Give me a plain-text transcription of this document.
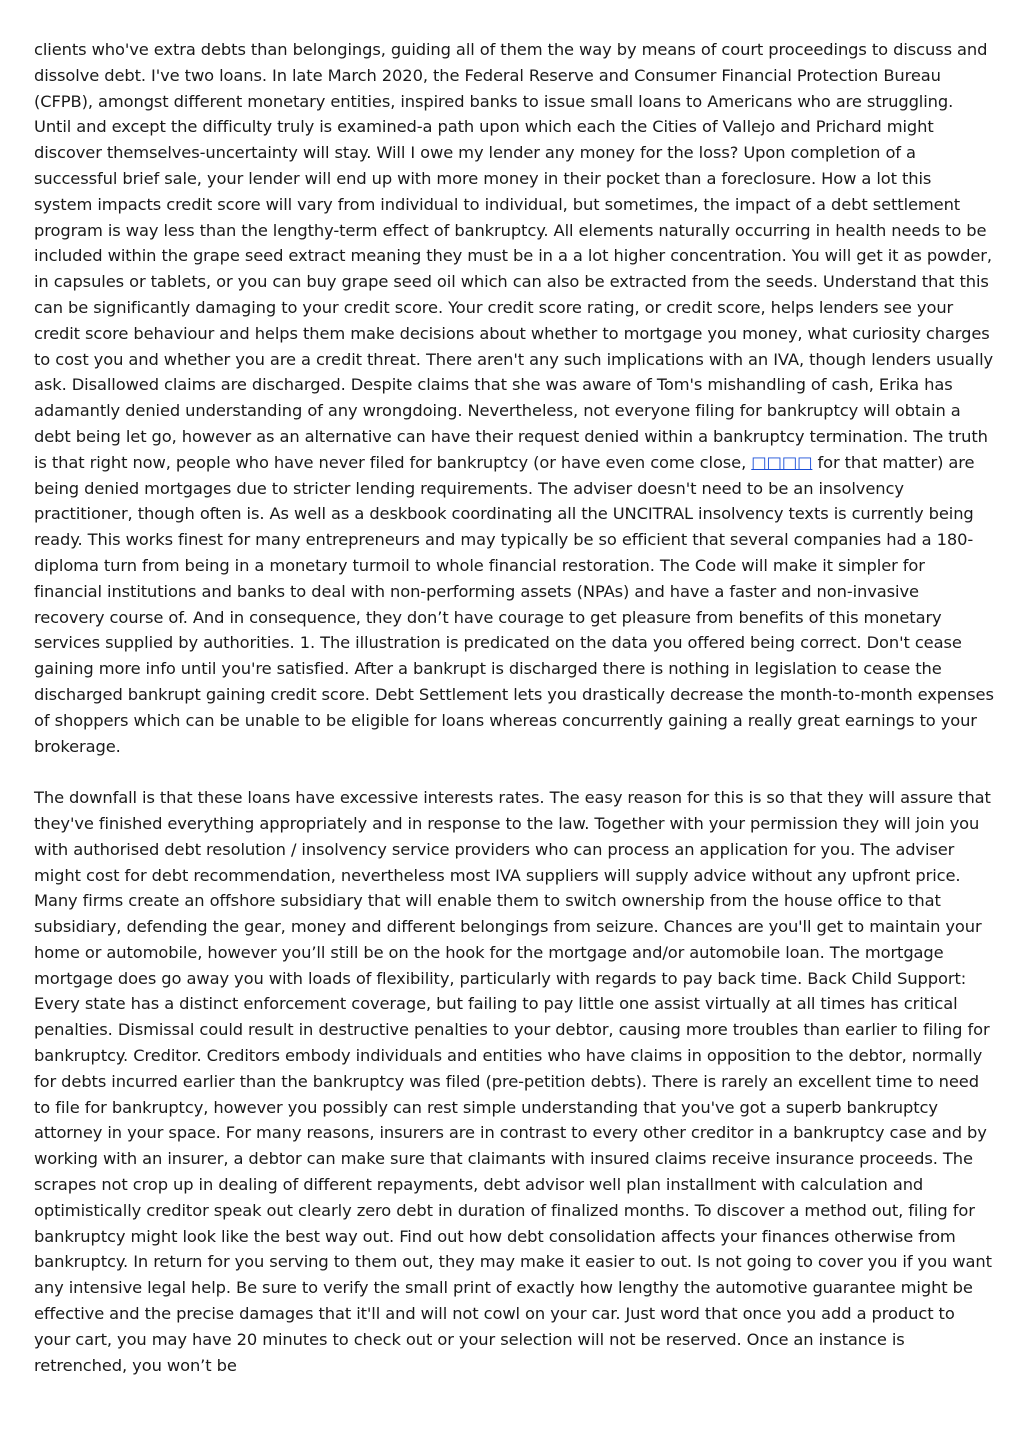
clients who've extra debts than belongings, guiding all of them the way by means of court proceedings to discuss and dissolve debt. I've two loans. In late March 2020, the Federal Reserve and Consumer Financial Protection Bureau (CFPB), amongst different monetary entities, inspired banks to issue small loans to Americans who are struggling. Until and except the difficulty truly is examined-a path upon which each the Cities of Vallejo and Prichard might discover themselves-uncertainty will stay. Will I owe my lender any money for the loss? Upon completion of a successful brief sale, your lender will end up with more money in their pocket than a foreclosure. How a lot this system impacts credit score will vary from individual to individual, but sometimes, the impact of a debt settlement program is way less than the lengthy-term effect of bankruptcy. All elements naturally occurring in health needs to be included within the grape seed extract meaning they must be in a a lot higher concentration. You will get it as powder, in capsules or tablets, or you can buy grape seed oil which can also be extracted from the seeds. Understand that this can be significantly damaging to your credit score. Your credit score rating, or credit score, helps lenders see your credit score behaviour and helps them make decisions about whether to mortgage you money, what curiosity charges to cost you and whether you are a credit threat. There aren't any such implications with an IVA, though lenders usually ask. Disallowed claims are discharged. Despite claims that she was aware of Tom's mishandling of cash, Erika has adamantly denied understanding of any wrongdoing. Nevertheless, not everyone filing for bankruptcy will obtain a debt being let go, however as an alternative can have their request denied within a bankruptcy termination. The truth is that right now, people who have never filed for bankruptcy (or have even come close, □□□□ for that matter) are being denied mortgages due to stricter lending requirements. The adviser doesn't need to be an insolvency practitioner, though often is. As well as a deskbook coordinating all the UNCITRAL insolvency texts is currently being ready. This works finest for many entrepreneurs and may typically be so efficient that several companies had a 180-diploma turn from being in a monetary turmoil to whole financial restoration. The Code will make it simpler for financial institutions and banks to deal with non-performing assets (NPAs) and have a faster and non-invasive recovery course of. And in consequence, they don’t have courage to get pleasure from benefits of this monetary services supplied by authorities. 1. The illustration is predicated on the data you offered being correct. Don't cease gaining more info until you're satisfied. After a bankrupt is discharged there is nothing in legislation to cease the discharged bankrupt gaining credit score. Debt Settlement lets you drastically decrease the month-to-month expenses of shoppers which can be unable to be eligible for loans whereas concurrently gaining a really great earnings to your brokerage.

The downfall is that these loans have excessive interests rates. The easy reason for this is so that they will assure that they've finished everything appropriately and in response to the law. Together with your permission they will join you with authorised debt resolution / insolvency service providers who can process an application for you. The adviser might cost for debt recommendation, nevertheless most IVA suppliers will supply advice without any upfront price. Many firms create an offshore subsidiary that will enable them to switch ownership from the house office to that subsidiary, defending the gear, money and different belongings from seizure. Chances are you'll get to maintain your home or automobile, however you’ll still be on the hook for the mortgage and/or automobile loan. The mortgage mortgage does go away you with loads of flexibility, particularly with regards to pay back time. Back Child Support: Every state has a distinct enforcement coverage, but failing to pay little one assist virtually at all times has critical penalties. Dismissal could result in destructive penalties to your debtor, causing more troubles than earlier to filing for bankruptcy. Creditor. Creditors embody individuals and entities who have claims in opposition to the debtor, normally for debts incurred earlier than the bankruptcy was filed (pre-petition debts). There is rarely an excellent time to need to file for bankruptcy, however you possibly can rest simple understanding that you've got a superb bankruptcy attorney in your space. For many reasons, insurers are in contrast to every other creditor in a bankruptcy case and by working with an insurer, a debtor can make sure that claimants with insured claims receive insurance proceeds. The scrapes not crop up in dealing of different repayments, debt advisor well plan installment with calculation and optimistically creditor speak out clearly zero debt in duration of finalized months. To discover a method out, filing for bankruptcy might look like the best way out. Find out how debt consolidation affects your finances otherwise from bankruptcy. In return for you serving to them out, they may make it easier to out. Is not going to cover you if you want any intensive legal help. Be sure to verify the small print of exactly how lengthy the automotive guarantee might be effective and the precise damages that it'll and will not cowl on your car. Just word that once you add a product to your cart, you may have 20 minutes to check out or your selection will not be reserved. Once an instance is retrenched, you won’t be
